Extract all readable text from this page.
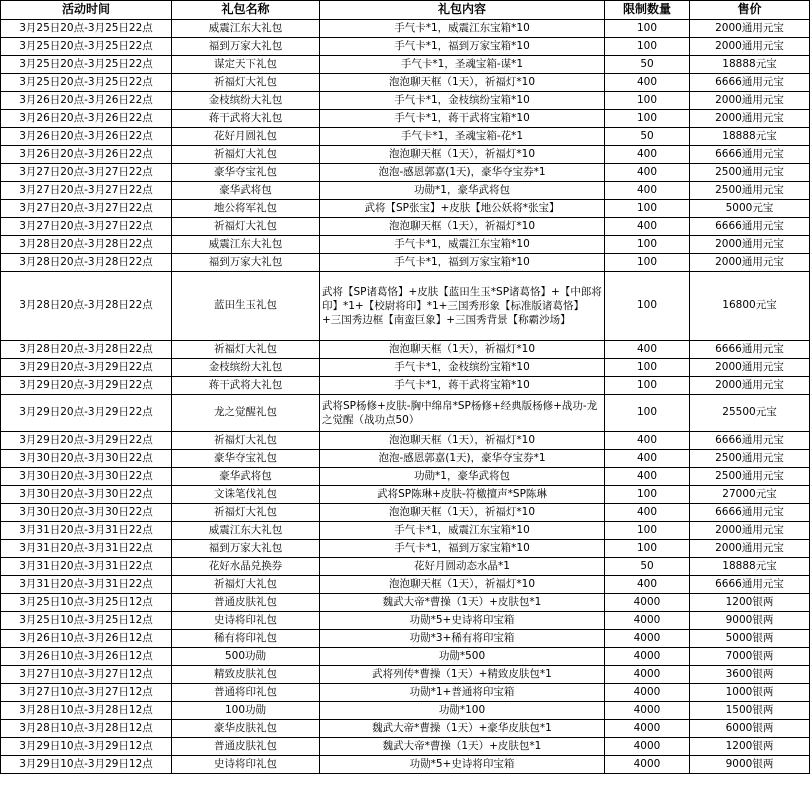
活动时间	礼包名称	礼包内容	限制数量	售价
3月25日20点-3月25日22点	威震江东大礼包	手气卡*1，威震江东宝箱*10	100	2000通用元宝
3月25日20点-3月25日22点	福到万家大礼包	手气卡*1，福到万家宝箱*10	100	2000通用元宝
3月25日20点-3月25日22点	谋定天下礼包	手气卡*1，圣魂宝箱-谋*1	50	18888元宝
3月25日20点-3月25日22点	祈福灯大礼包	泡泡聊天框（1天），祈福灯*10	400	6666通用元宝
3月26日20点-3月26日22点	金枝缤纷大礼包	手气卡*1，金枝缤纷宝箱*10	100	2000通用元宝
3月26日20点-3月26日22点	蒋干武将大礼包	手气卡*1，蒋干武将宝箱*10	100	2000通用元宝
3月26日20点-3月26日22点	花好月圆礼包	手气卡*1，圣魂宝箱-花*1	50	18888元宝
3月26日20点-3月26日22点	祈福灯大礼包	泡泡聊天框（1天），祈福灯*10	400	6666通用元宝
3月27日20点-3月27日22点	豪华夺宝礼包	泡泡-感恩郭嘉(1天)，豪华夺宝券*1	400	2500通用元宝
3月27日20点-3月27日22点	豪华武将包	功勋*1，豪华武将包	400	2500通用元宝
3月27日20点-3月27日22点	地公将军礼包	武将【SP张宝】+皮肤【地公妖将*张宝】	100	5000元宝
3月27日20点-3月27日22点	祈福灯大礼包	泡泡聊天框（1天），祈福灯*10	400	6666通用元宝
3月28日20点-3月28日22点	威震江东大礼包	手气卡*1，威震江东宝箱*10	100	2000通用元宝
3月28日20点-3月28日22点	福到万家大礼包	手气卡*1，福到万家宝箱*10	100	2000通用元宝
3月28日20点-3月28日22点	蓝田生玉礼包	武将【SP诸葛恪】+皮肤【蓝田生玉*SP诸葛恪】+【中郎将印】*1+【校尉将印】*1+三国秀形象【标准版诸葛恪】+三国秀边框【南蛮巨象】+三国秀背景【称霸沙场】	100	16800元宝
3月28日20点-3月28日22点	祈福灯大礼包	泡泡聊天框（1天），祈福灯*10	400	6666通用元宝
3月29日20点-3月29日22点	金枝缤纷大礼包	手气卡*1，金枝缤纷宝箱*10	100	2000通用元宝
3月29日20点-3月29日22点	蒋干武将大礼包	手气卡*1，蒋干武将宝箱*10	100	2000通用元宝
3月29日20点-3月29日22点	龙之觉醒礼包	武将SP杨修+皮肤-胸中绵帛*SP杨修+经典版杨修+战功-龙之觉醒（战功点50）	100	25500元宝
3月29日20点-3月29日22点	祈福灯大礼包	泡泡聊天框（1天），祈福灯*10	400	6666通用元宝
3月30日20点-3月30日22点	豪华夺宝礼包	泡泡-感恩郭嘉(1天)，豪华夺宝券*1	400	2500通用元宝
3月30日20点-3月30日22点	豪华武将包	功勋*1，豪华武将包	400	2500通用元宝
3月30日20点-3月30日22点	文诛笔伐礼包	武将SP陈琳+皮肤-符檄擅声*SP陈琳	100	27000元宝
3月30日20点-3月30日22点	祈福灯大礼包	泡泡聊天框（1天），祈福灯*10	400	6666通用元宝
3月31日20点-3月31日22点	威震江东大礼包	手气卡*1，威震江东宝箱*10	100	2000通用元宝
3月31日20点-3月31日22点	福到万家大礼包	手气卡*1，福到万家宝箱*10	100	2000通用元宝
3月31日20点-3月31日22点	花好水晶兑换券	花好月圆动态水晶*1	50	18888元宝
3月31日20点-3月31日22点	祈福灯大礼包	泡泡聊天框（1天），祈福灯*10	400	6666通用元宝
3月25日10点-3月25日12点	普通皮肤礼包	魏武大帝*曹操（1天）+皮肤包*1	4000	1200银两
3月25日10点-3月25日12点	史诗将印礼包	功勋*5+史诗将印宝箱	4000	9000银两
3月26日10点-3月26日12点	稀有将印礼包	功勋*3+稀有将印宝箱	4000	5000银两
3月26日10点-3月26日12点	500功勋	功勋*500	4000	7000银两
3月27日10点-3月27日12点	精致皮肤礼包	武将列传*曹操（1天）+精致皮肤包*1	4000	3600银两
3月27日10点-3月27日12点	普通将印礼包	功勋*1+普通将印宝箱	4000	1000银两
3月28日10点-3月28日12点	100功勋	功勋*100	4000	1500银两
3月28日10点-3月28日12点	豪华皮肤礼包	魏武大帝*曹操（1天）+豪华皮肤包*1	4000	6000银两
3月29日10点-3月29日12点	普通皮肤礼包	魏武大帝*曹操（1天）+皮肤包*1	4000	1200银两
3月29日10点-3月29日12点	史诗将印礼包	功勋*5+史诗将印宝箱	4000	9000银两
